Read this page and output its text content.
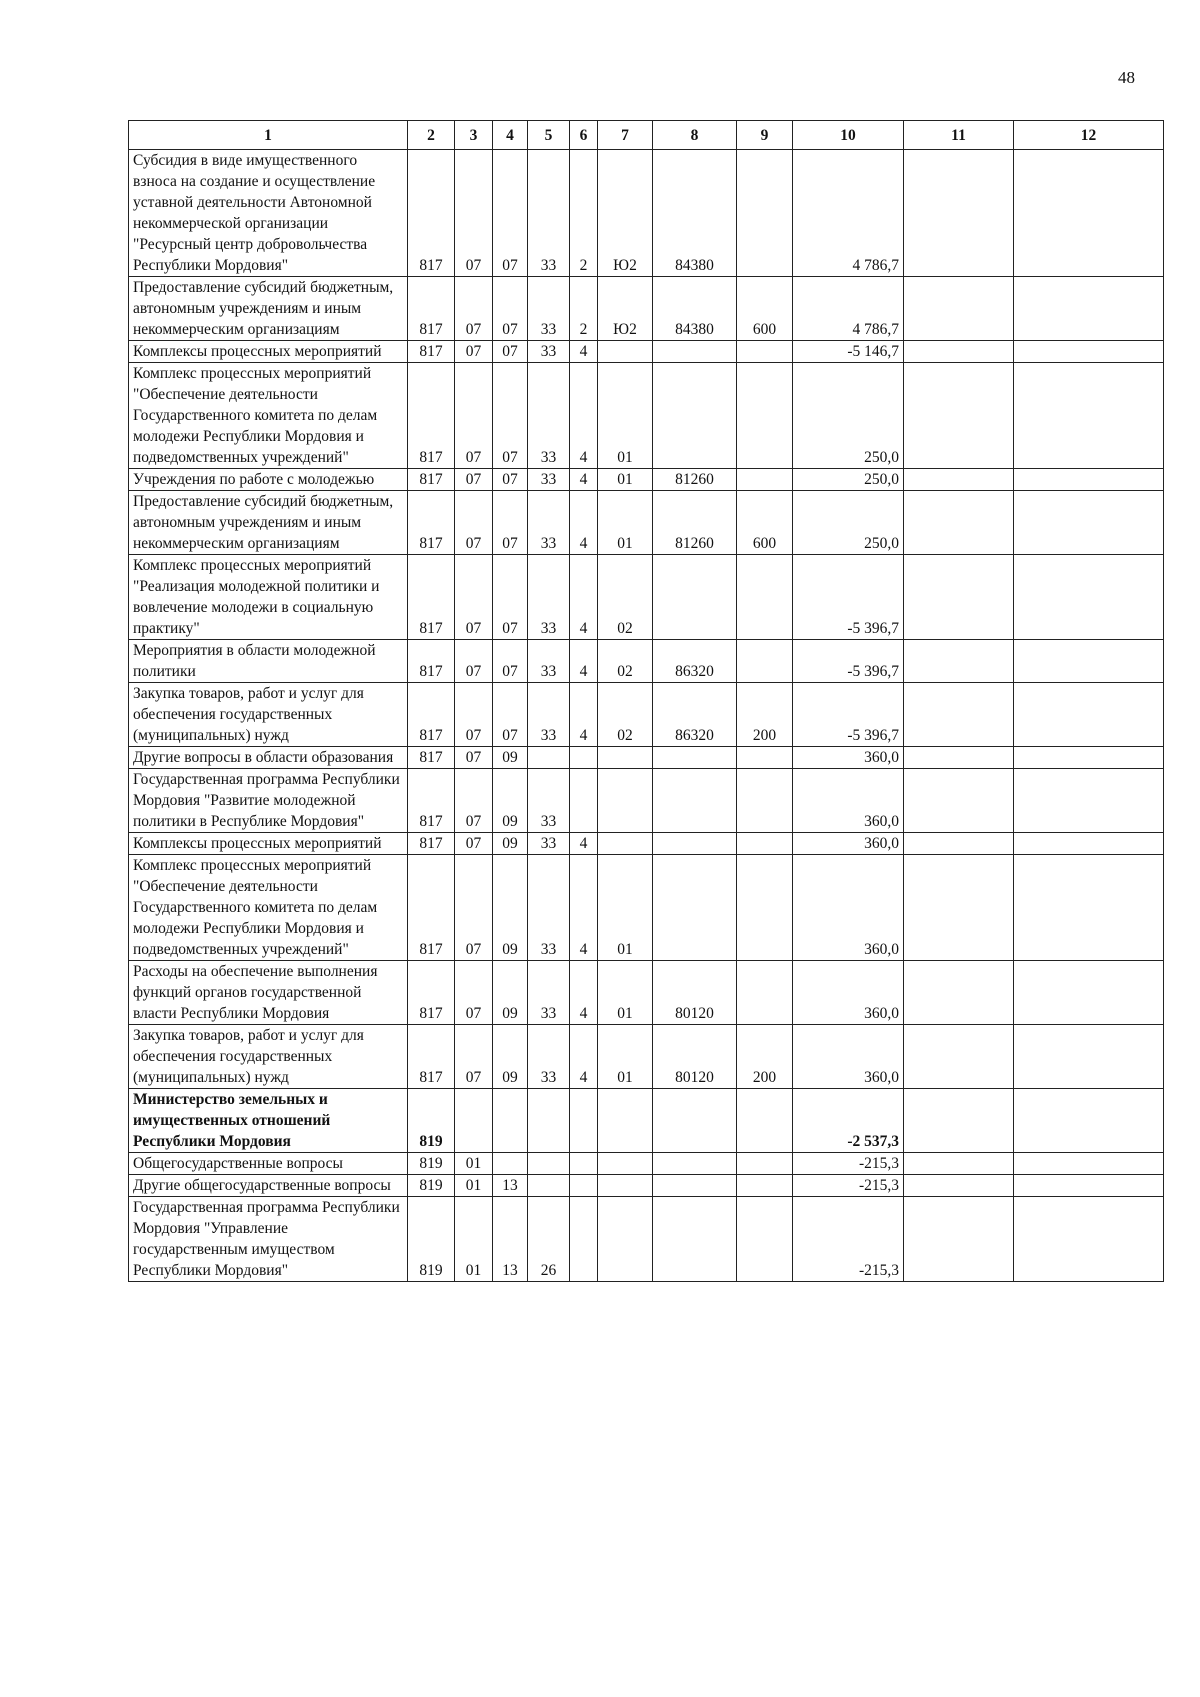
48
1	2	3	4	5	6	7	8	9	10	11	12
Субсидия в виде имущественного взноса на создание и осуществление уставной деятельности Автономной некоммерческой организации "Ресурсный центр добровольчества Республики Мордовия"	817	07	07	33	2	Ю2	84380		4 786,7		
Предоставление субсидий бюджетным, автономным учреждениям и иным некоммерческим организациям	817	07	07	33	2	Ю2	84380	600	4 786,7		
Комплексы процессных мероприятий	817	07	07	33	4				-5 146,7		
Комплекс процессных мероприятий "Обеспечение деятельности Государственного комитета по делам молодежи Республики Мордовия и подведомственных учреждений"	817	07	07	33	4	01			250,0		
Учреждения по работе с молодежью	817	07	07	33	4	01	81260		250,0		
Предоставление субсидий бюджетным, автономным учреждениям и иным некоммерческим организациям	817	07	07	33	4	01	81260	600	250,0		
Комплекс процессных мероприятий "Реализация молодежной политики и вовлечение молодежи в социальную практику"	817	07	07	33	4	02			-5 396,7		
Мероприятия в области молодежной политики	817	07	07	33	4	02	86320		-5 396,7		
Закупка товаров, работ и услуг для обеспечения государственных (муниципальных) нужд	817	07	07	33	4	02	86320	200	-5 396,7		
Другие вопросы в области образования	817	07	09						360,0		
Государственная программа Республики Мордовия "Развитие молодежной политики в Республике Мордовия"	817	07	09	33					360,0		
Комплексы процессных мероприятий	817	07	09	33	4				360,0		
Комплекс процессных мероприятий "Обеспечение деятельности Государственного комитета по делам молодежи Республики Мордовия и подведомственных учреждений"	817	07	09	33	4	01			360,0		
Расходы на обеспечение выполнения функций органов государственной власти Республики Мордовия	817	07	09	33	4	01	80120		360,0		
Закупка товаров, работ и услуг для обеспечения государственных (муниципальных) нужд	817	07	09	33	4	01	80120	200	360,0		
Министерство земельных и имущественных отношений Республики Мордовия	819								-2 537,3		
Общегосударственные вопросы	819	01							-215,3		
Другие общегосударственные вопросы	819	01	13						-215,3		
Государственная программа Республики Мордовия "Управление государственным имуществом Республики Мордовия"	819	01	13	26					-215,3		
